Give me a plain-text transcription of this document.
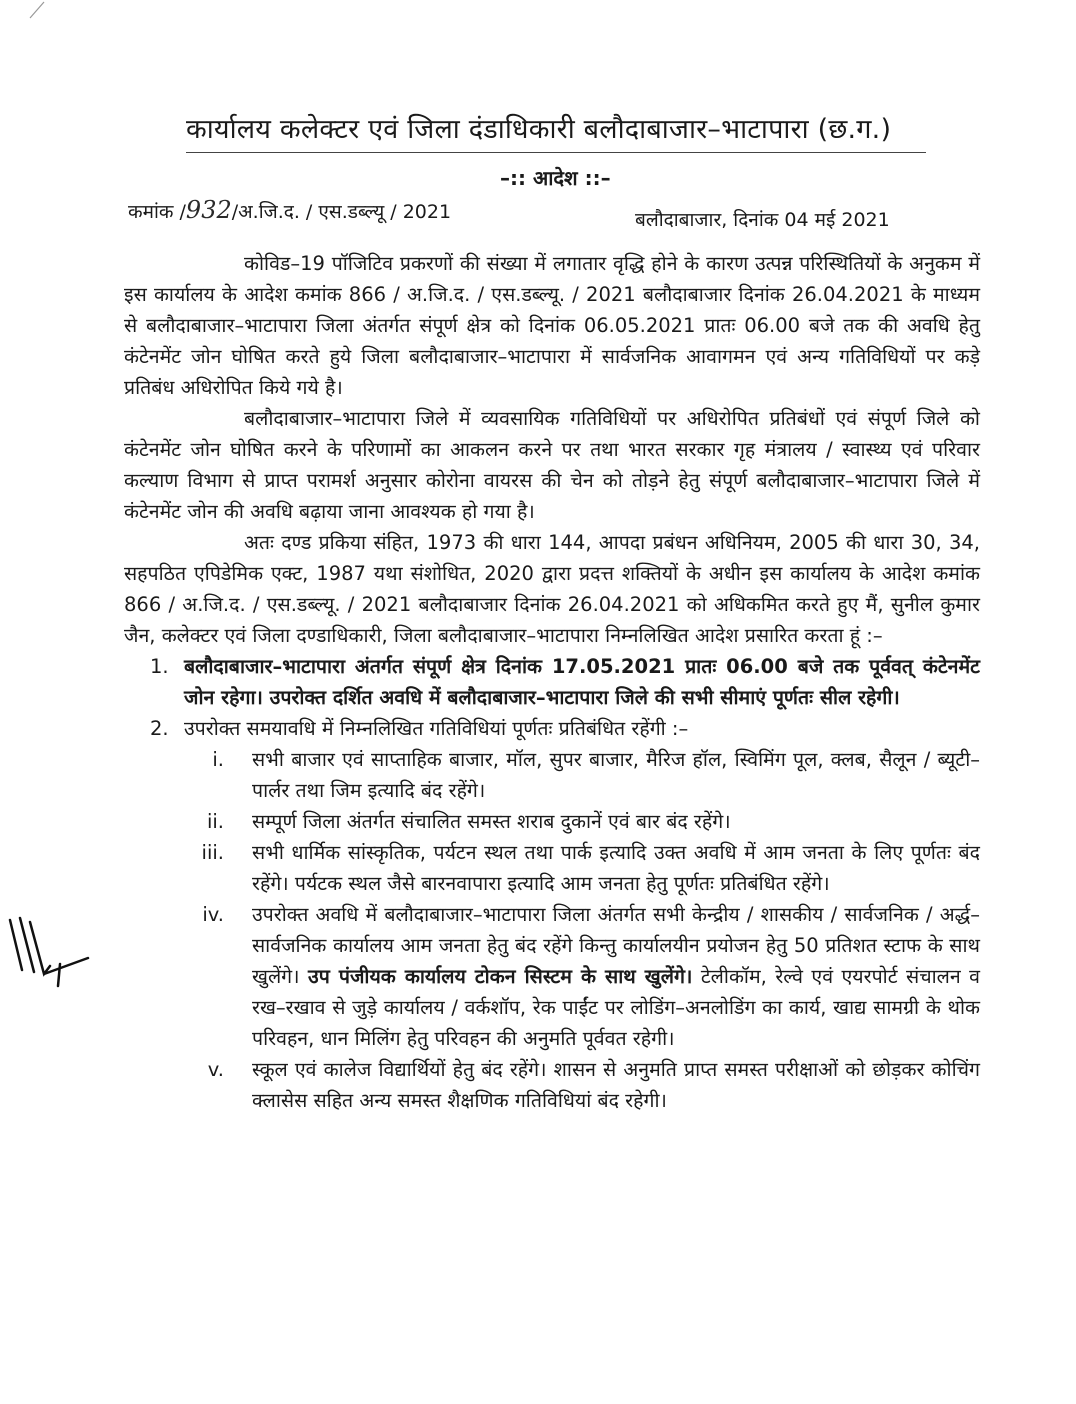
कार्यालय कलेक्टर एवं जिला दंडाधिकारी बलौदाबाजार–भाटापारा (छ.ग.)
–:: आदेश ::–
कमांक /932/अ.जि.द. / एस.डब्ल्यू / 2021	बलौदाबाजार, दिनांक 04 मई 2021

कोविड–19 पॉजिटिव प्रकरणों की संख्या में लगातार वृद्धि होने के कारण उत्पन्न परिस्थितियों के अनुकम में इस कार्यालय के आदेश कमांक 866 / अ.जि.द. / एस.डब्ल्यू. / 2021 बलौदाबाजार दिनांक 26.04.2021 के माध्यम से बलौदाबाजार–भाटापारा जिला अंतर्गत संपूर्ण क्षेत्र को दिनांक 06.05.2021 प्रातः 06.00 बजे तक की अवधि हेतु कंटेनमेंट जोन घोषित करते हुये जिला बलौदाबाजार–भाटापारा में सार्वजनिक आवागमन एवं अन्य गतिविधियों पर कड़े प्रतिबंध अधिरोपित किये गये है।

बलौदाबाजार–भाटापारा जिले में व्यवसायिक गतिविधियों पर अधिरोपित प्रतिबंधों एवं संपूर्ण जिले को कंटेनमेंट जोन घोषित करने के परिणामों का आकलन करने पर तथा भारत सरकार गृह मंत्रालय / स्वास्थ्य एवं परिवार कल्याण विभाग से प्राप्त परामर्श अनुसार कोरोना वायरस की चेन को तोड़ने हेतु संपूर्ण बलौदाबाजार–भाटापारा जिले में कंटेनमेंट जोन की अवधि बढ़ाया जाना आवश्यक हो गया है।

अतः दण्ड प्रकिया संहित, 1973 की धारा 144, आपदा प्रबंधन अधिनियम, 2005 की धारा 30, 34, सहपठित एपिडेमिक एक्ट, 1987 यथा संशोधित, 2020 द्वारा प्रदत्त शक्तियों के अधीन इस कार्यालय के आदेश कमांक 866 / अ.जि.द. / एस.डब्ल्यू. / 2021 बलौदाबाजार दिनांक 26.04.2021 को अधिकमित करते हुए मैं, सुनील कुमार जैन, कलेक्टर एवं जिला दण्डाधिकारी, जिला बलौदाबाजार–भाटापारा निम्नलिखित आदेश प्रसारित करता हूं :–

1. बलौदाबाजार–भाटापारा अंतर्गत संपूर्ण क्षेत्र दिनांक 17.05.2021 प्रातः 06.00 बजे तक पूर्ववत् कंटेनमेंट जोन रहेगा। उपरोक्त दर्शित अवधि में बलौदाबाजार–भाटापारा जिले की सभी सीमाएं पूर्णतः सील रहेगी।
2. उपरोक्त समयावधि में निम्नलिखित गतिविधियां पूर्णतः प्रतिबंधित रहेंगी :–
i. सभी बाजार एवं साप्ताहिक बाजार, मॉल, सुपर बाजार, मैरिज हॉल, स्विमिंग पूल, क्लब, सैलून / ब्यूटी–पार्लर तथा जिम इत्यादि बंद रहेंगे।
ii. सम्पूर्ण जिला अंतर्गत संचालित समस्त शराब दुकानें एवं बार बंद रहेंगे।
iii. सभी धार्मिक सांस्कृतिक, पर्यटन स्थल तथा पार्क इत्यादि उक्त अवधि में आम जनता के लिए पूर्णतः बंद रहेंगे। पर्यटक स्थल जैसे बारनवापारा इत्यादि आम जनता हेतु पूर्णतः प्रतिबंधित रहेंगे।
iv. उपरोक्त अवधि में बलौदाबाजार–भाटापारा जिला अंतर्गत सभी केन्द्रीय / शासकीय / सार्वजनिक / अर्द्ध–सार्वजनिक कार्यालय आम जनता हेतु बंद रहेंगे किन्तु कार्यालयीन प्रयोजन हेतु 50 प्रतिशत स्टाफ के साथ खुलेंगे। उप पंजीयक कार्यालय टोकन सिस्टम के साथ खुलेंगे। टेलीकॉम, रेल्वे एवं एयरपोर्ट संचालन व रख–रखाव से जुड़े कार्यालय / वर्कशॉप, रेक पाईंट पर लोडिंग–अनलोडिंग का कार्य, खाद्य सामग्री के थोक परिवहन, धान मिलिंग हेतु परिवहन की अनुमति पूर्ववत रहेगी।
v. स्कूल एवं कालेज विद्यार्थियों हेतु बंद रहेंगे। शासन से अनुमति प्राप्त समस्त परीक्षाओं को छोड़कर कोचिंग क्लासेस सहित अन्य समस्त शैक्षणिक गतिविधियां बंद रहेगी।
